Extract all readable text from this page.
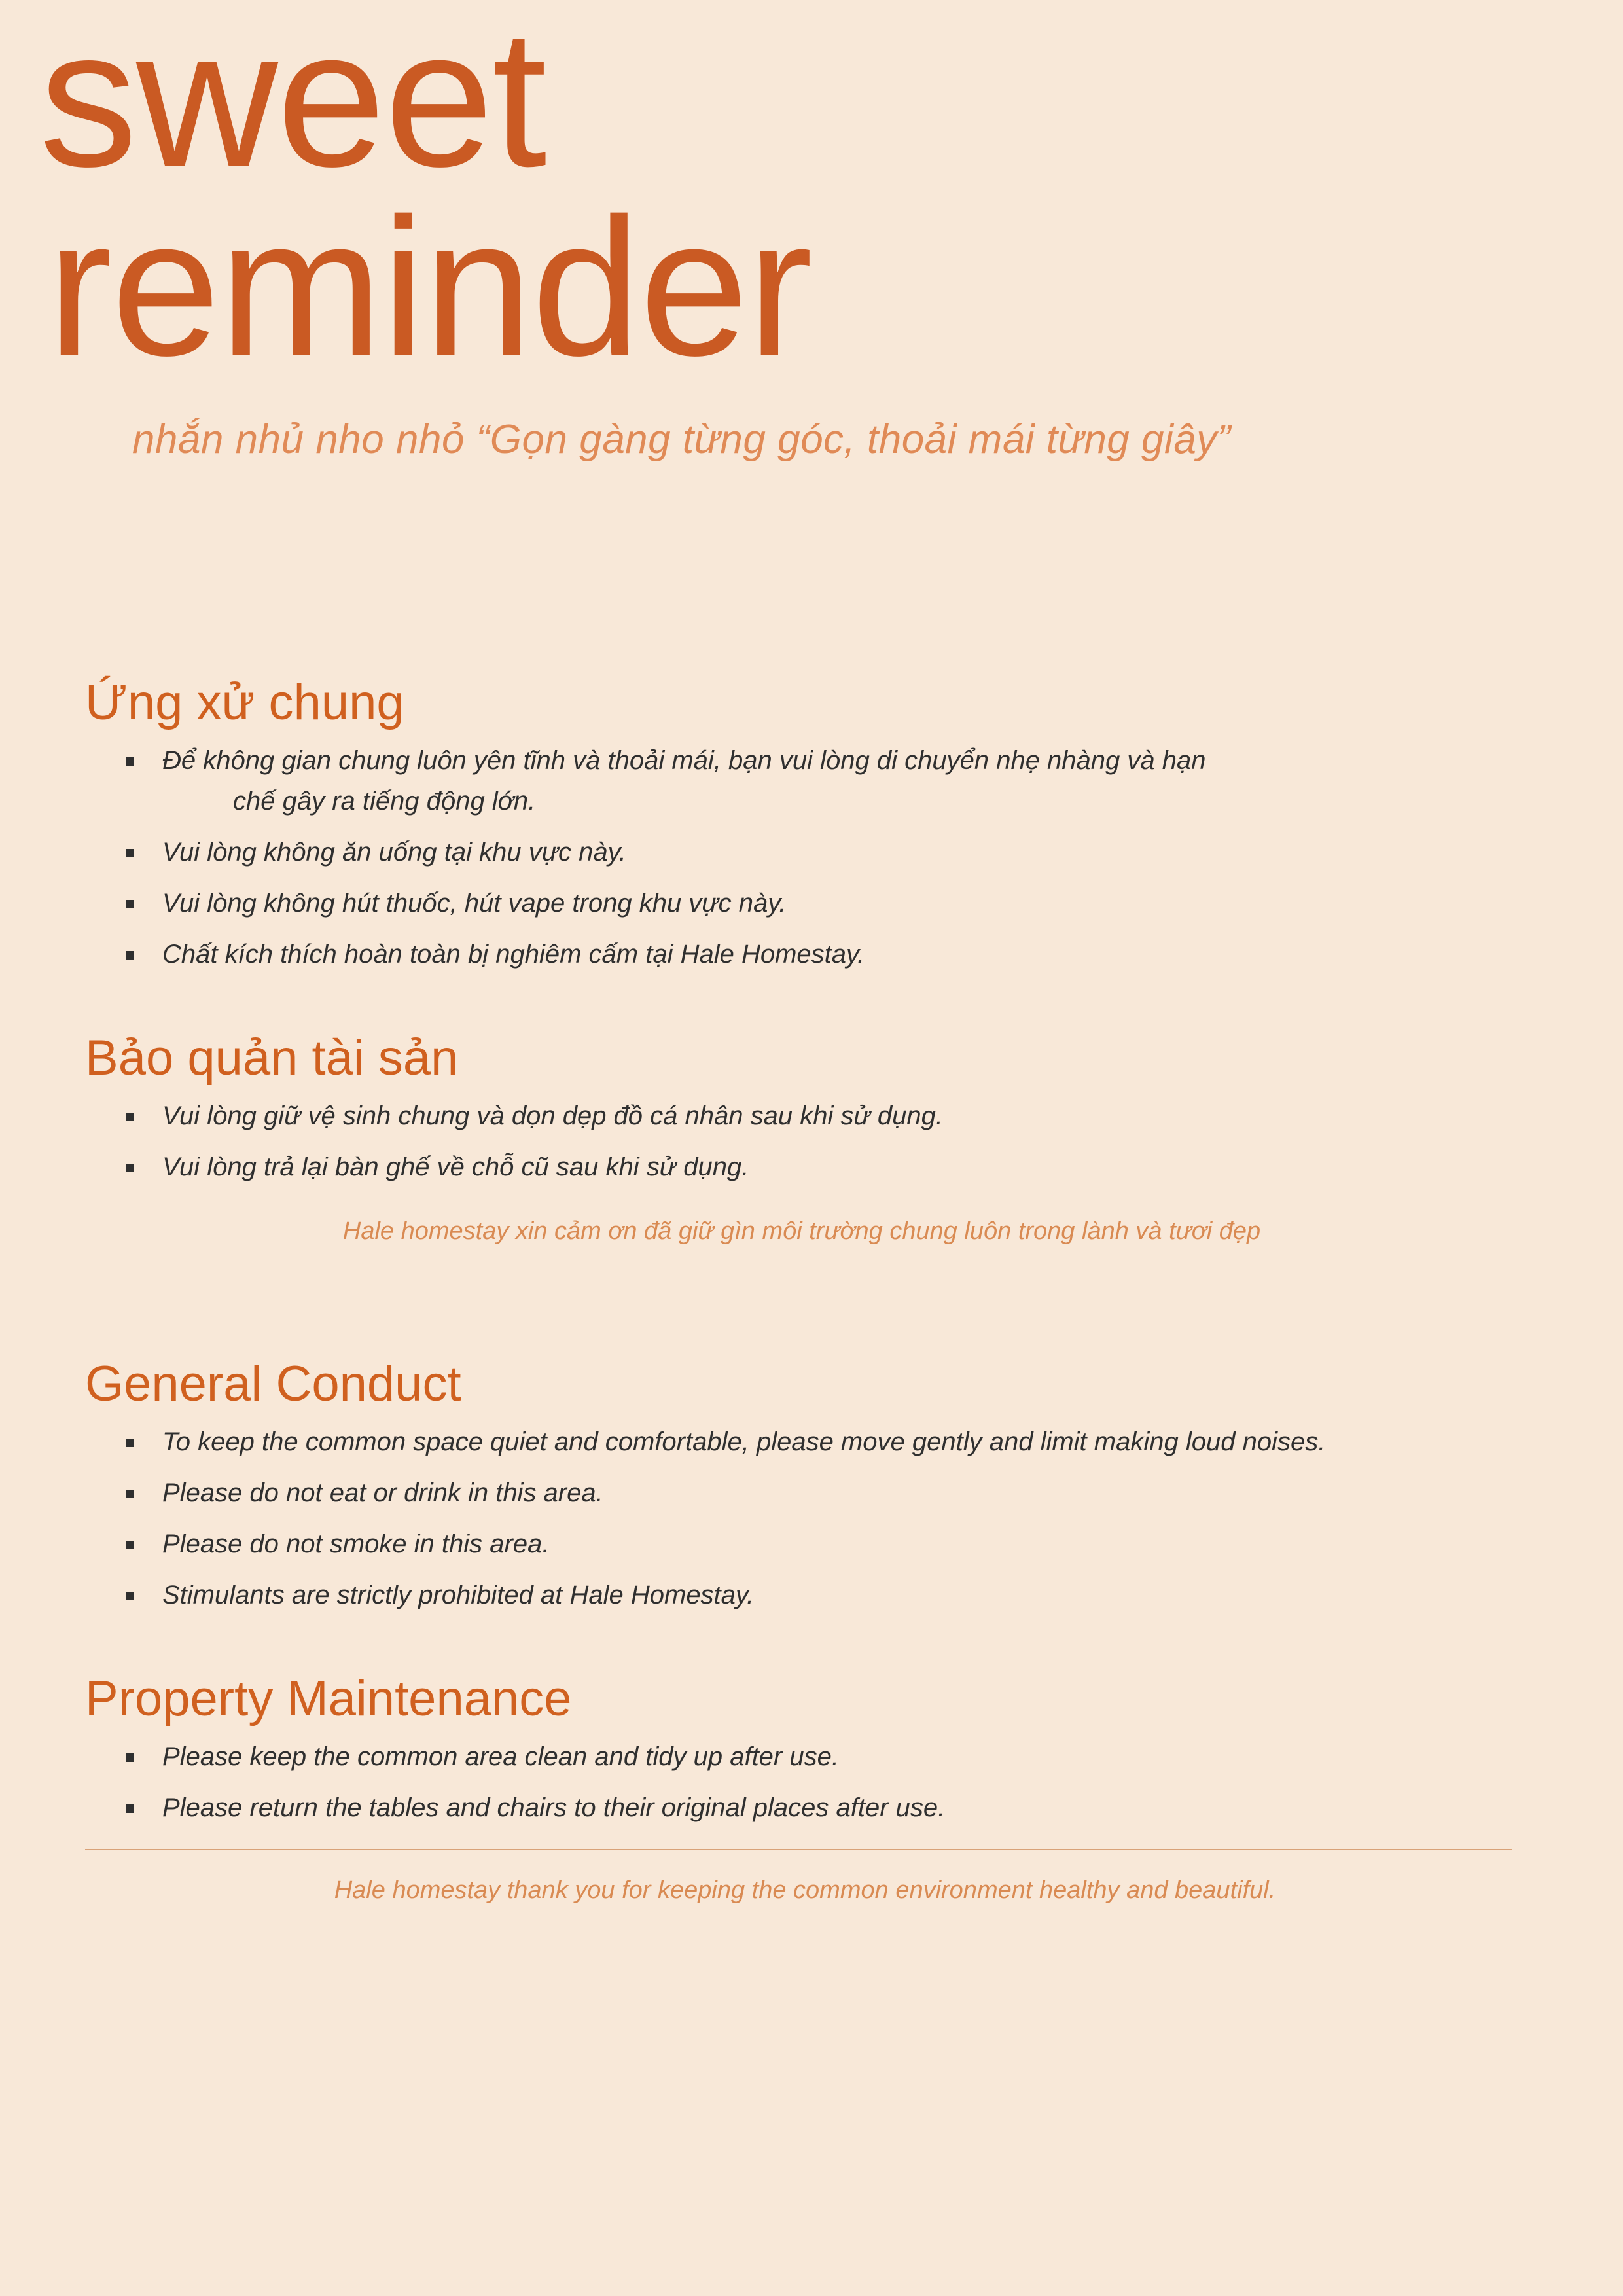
sweet
reminder
nhắn nhủ nho nhỏ “Gọn gàng từng góc, thoải mái từng giây”
Ứng xử chung
Để không gian chung luôn yên tĩnh và thoải mái, bạn vui lòng di chuyển nhẹ nhàng và hạn
chế gây ra tiếng động lớn.
Vui lòng không ăn uống tại khu vực này.
Vui lòng không hút thuốc, hút vape trong khu vực này.
Chất kích thích hoàn toàn bị nghiêm cấm tại Hale Homestay.
Bảo quản tài sản
Vui lòng giữ vệ sinh chung và dọn dẹp đồ cá nhân sau khi sử dụng.
Vui lòng trả lại bàn ghế về chỗ cũ sau khi sử dụng.
Hale homestay xin cảm ơn đã giữ gìn môi trường chung luôn trong lành và tươi đẹp
General Conduct
To keep the common space quiet and comfortable, please move gently and limit making loud noises.
Please do not eat or drink in this area.
Please do not smoke in this area.
Stimulants are strictly prohibited at Hale Homestay.
Property Maintenance
Please keep the common area clean and tidy up after use.
Please return the tables and chairs to their original places after use.
Hale homestay thank you for keeping the common environment healthy and beautiful.
